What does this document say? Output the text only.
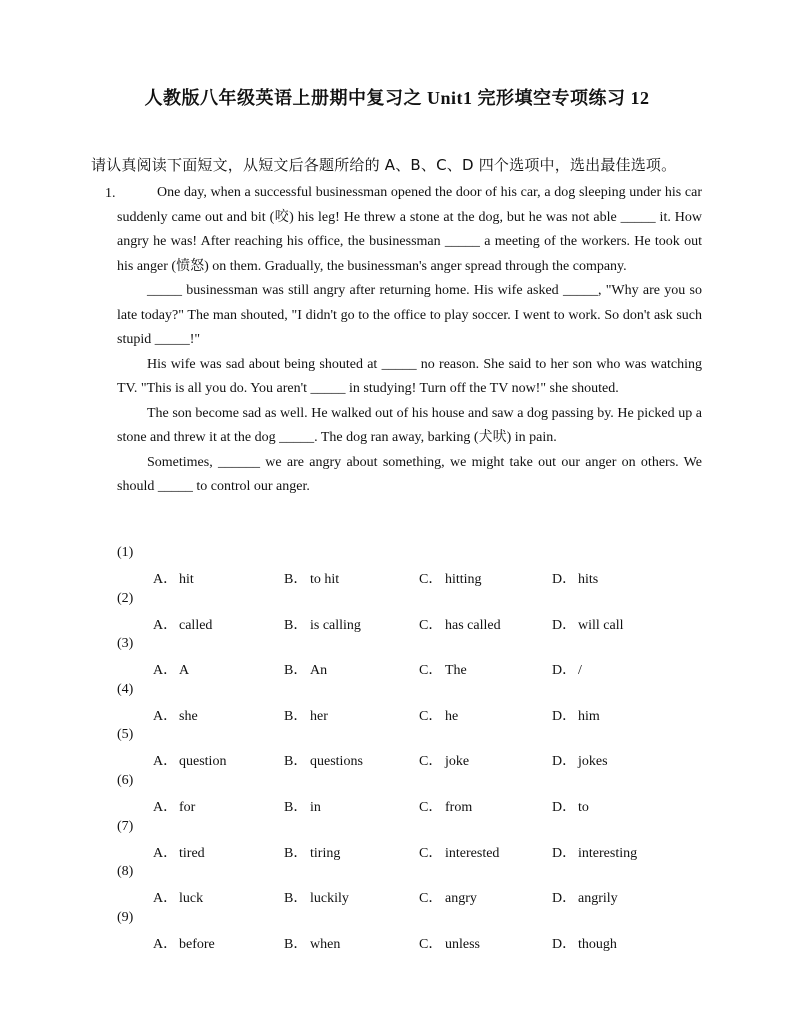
人教版八年级英语上册期中复习之 Unit1 完形填空专项练习 12
请认真阅读下面短文，从短文后各题所给的 A、B、C、D 四个选项中，选出最佳选项。
1.	One day, when a successful businessman opened the door of his car, a dog sleeping under his car suddenly came out and bit (咬) his leg! He threw a stone at the dog, but he was not able _____ it. How angry he was! After reaching his office, the businessman _____ a meeting of the workers. He took out his anger (愤怒) on them. Gradually, the businessman's anger spread through the company.

_____ businessman was still angry after returning home. His wife asked _____, "Why are you so late today?" The man shouted, "I didn't go to the office to play soccer. I went to work. So don't ask such stupid _____!"

His wife was sad about being shouted at _____ no reason. She said to her son who was watching TV. "This is all you do. You aren't _____ in studying! Turn off the TV now!" she shouted.

The son become sad as well. He walked out of his house and saw a dog passing by. He picked up a stone and threw it at the dog _____. The dog ran away, barking (犬吠) in pain.

Sometimes, ______ we are angry about something, we might take out our anger on others. We should _____ to control our anger.

(1)
A． hit	B． to hit	C． hitting	D． hits
(2)
A． called	B． is calling	C． has called	D． will call
(3)
A． A	B． An	C． The	D． /
(4)
A． she	B． her	C． he	D． him
(5)
A． question	B． questions	C． joke	D． jokes
(6)
A． for	B． in	C． from	D． to
(7)
A． tired	B． tiring	C． interested	D． interesting
(8)
A． luck	B． luckily	C． angry	D． angrily
(9)
A． before	B． when	C． unless	D． though
